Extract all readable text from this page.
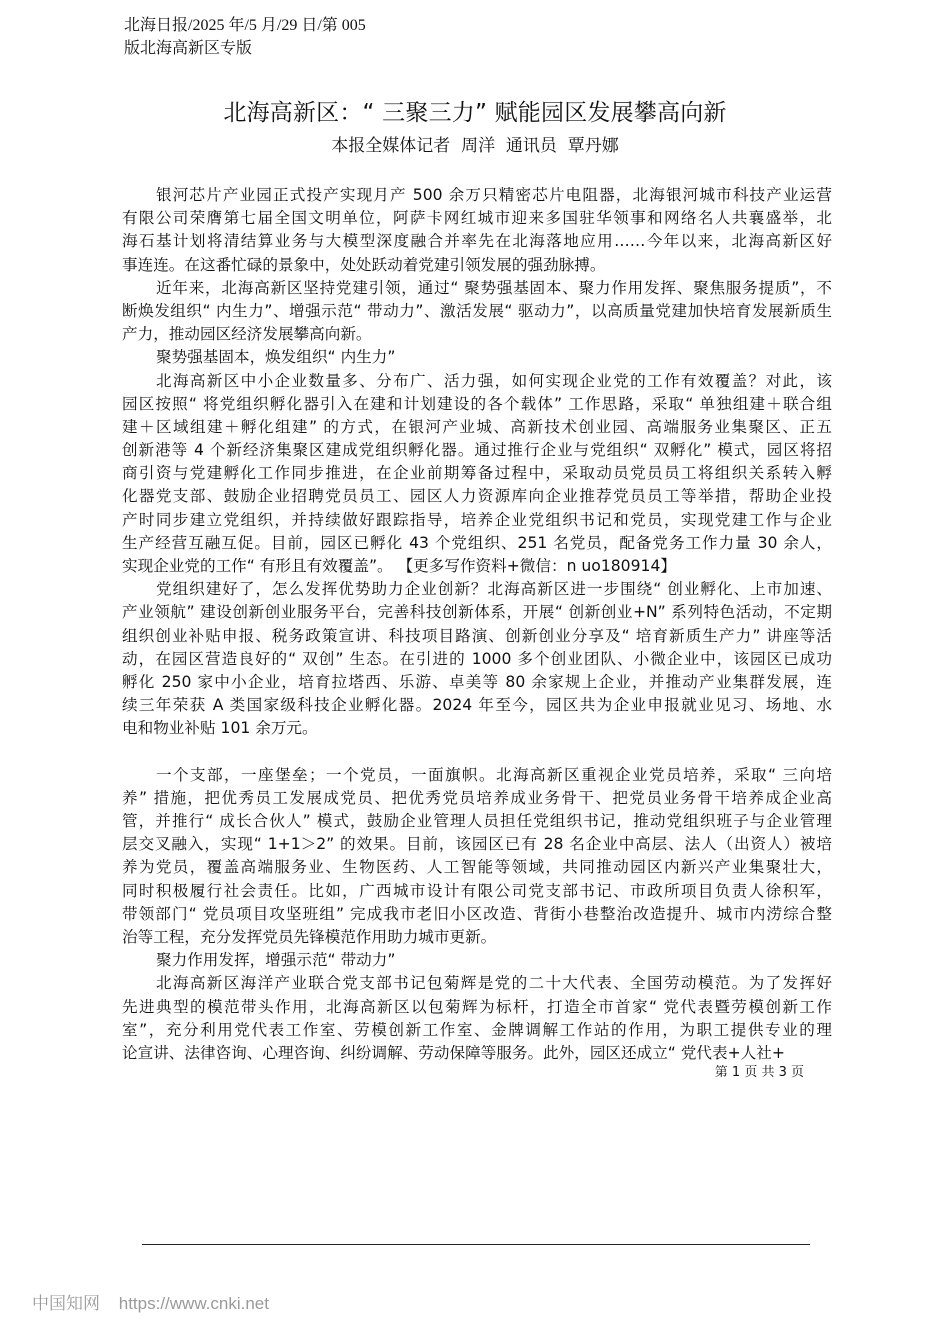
北海日报/2025 年/5 月/29 日/第 005
版北海高新区专版
北海高新区：“ 三聚三力” 赋能园区发展攀高向新
本报全媒体记者  周洋  通讯员  覃丹娜
银河芯片产业园正式投产实现月产 500 余万只精密芯片电阻器，北海银河城市科技产业运营
有限公司荣膺第七届全国文明单位，阿萨卡网红城市迎来多国驻华领事和网络名人共襄盛举，北
海石基计划将清结算业务与大模型深度融合并率先在北海落地应用……今年以来，北海高新区好
事连连。在这番忙碌的景象中，处处跃动着党建引领发展的强劲脉搏。
近年来，北海高新区坚持党建引领，通过“ 聚势强基固本、聚力作用发挥、聚焦服务提质”，不
断焕发组织“ 内生力”、增强示范“ 带动力”、激活发展“ 驱动力”，以高质量党建加快培育发展新质生
产力，推动园区经济发展攀高向新。
聚势强基固本，焕发组织“ 内生力”
北海高新区中小企业数量多、分布广、活力强，如何实现企业党的工作有效覆盖？对此，该
园区按照“ 将党组织孵化器引入在建和计划建设的各个载体” 工作思路，采取“ 单独组建＋联合组
建＋区域组建＋孵化组建” 的方式，在银河产业城、高新技术创业园、高端服务业集聚区、正五
创新港等 4 个新经济集聚区建成党组织孵化器。通过推行企业与党组织“ 双孵化” 模式，园区将招
商引资与党建孵化工作同步推进，在企业前期筹备过程中，采取动员党员员工将组织关系转入孵
化器党支部、鼓励企业招聘党员员工、园区人力资源库向企业推荐党员员工等举措，帮助企业投
产时同步建立党组织，并持续做好跟踪指导，培养企业党组织书记和党员，实现党建工作与企业
生产经营互融互促。目前，园区已孵化 43 个党组织、251 名党员，配备党务工作力量 30 余人，
实现企业党的工作“ 有形且有效覆盖”。 【更多写作资料+微信：n uo180914】
党组织建好了，怎么发挥优势助力企业创新？北海高新区进一步围绕“ 创业孵化、上市加速、
产业领航” 建设创新创业服务平台，完善科技创新体系，开展“ 创新创业+N” 系列特色活动，不定期
组织创业补贴申报、税务政策宣讲、科技项目路演、创新创业分享及“ 培育新质生产力” 讲座等活
动，在园区营造良好的“ 双创” 生态。在引进的 1000 多个创业团队、小微企业中，该园区已成功
孵化 250 家中小企业，培育拉塔西、乐游、卓美等 80 余家规上企业，并推动产业集群发展，连
续三年荣获 A 类国家级科技企业孵化器。2024 年至今，园区共为企业申报就业见习、场地、水
电和物业补贴 101 余万元。
一个支部，一座堡垒；一个党员，一面旗帜。北海高新区重视企业党员培养，采取“ 三向培
养” 措施，把优秀员工发展成党员、把优秀党员培养成业务骨干、把党员业务骨干培养成企业高
管，并推行“ 成长合伙人” 模式，鼓励企业管理人员担任党组织书记，推动党组织班子与企业管理
层交叉融入，实现“ 1+1＞2” 的效果。目前，该园区已有 28 名企业中高层、法人（出资人）被培
养为党员，覆盖高端服务业、生物医药、人工智能等领域，共同推动园区内新兴产业集聚壮大，
同时积极履行社会责任。比如，广西城市设计有限公司党支部书记、市政所项目负责人徐积军，
带领部门“ 党员项目攻坚班组” 完成我市老旧小区改造、背街小巷整治改造提升、城市内涝综合整
治等工程，充分发挥党员先锋模范作用助力城市更新。
聚力作用发挥，增强示范“ 带动力”
北海高新区海洋产业联合党支部书记包菊辉是党的二十大代表、全国劳动模范。为了发挥好
先进典型的模范带头作用，北海高新区以包菊辉为标杆，打造全市首家“ 党代表暨劳模创新工作
室”，充分利用党代表工作室、劳模创新工作室、金牌调解工作站的作用，为职工提供专业的理
论宣讲、法律咨询、心理咨询、纠纷调解、劳动保障等服务。此外，园区还成立“ 党代表+人社+
第 1 页 共 3 页
中国知网 https://www.cnki.net
